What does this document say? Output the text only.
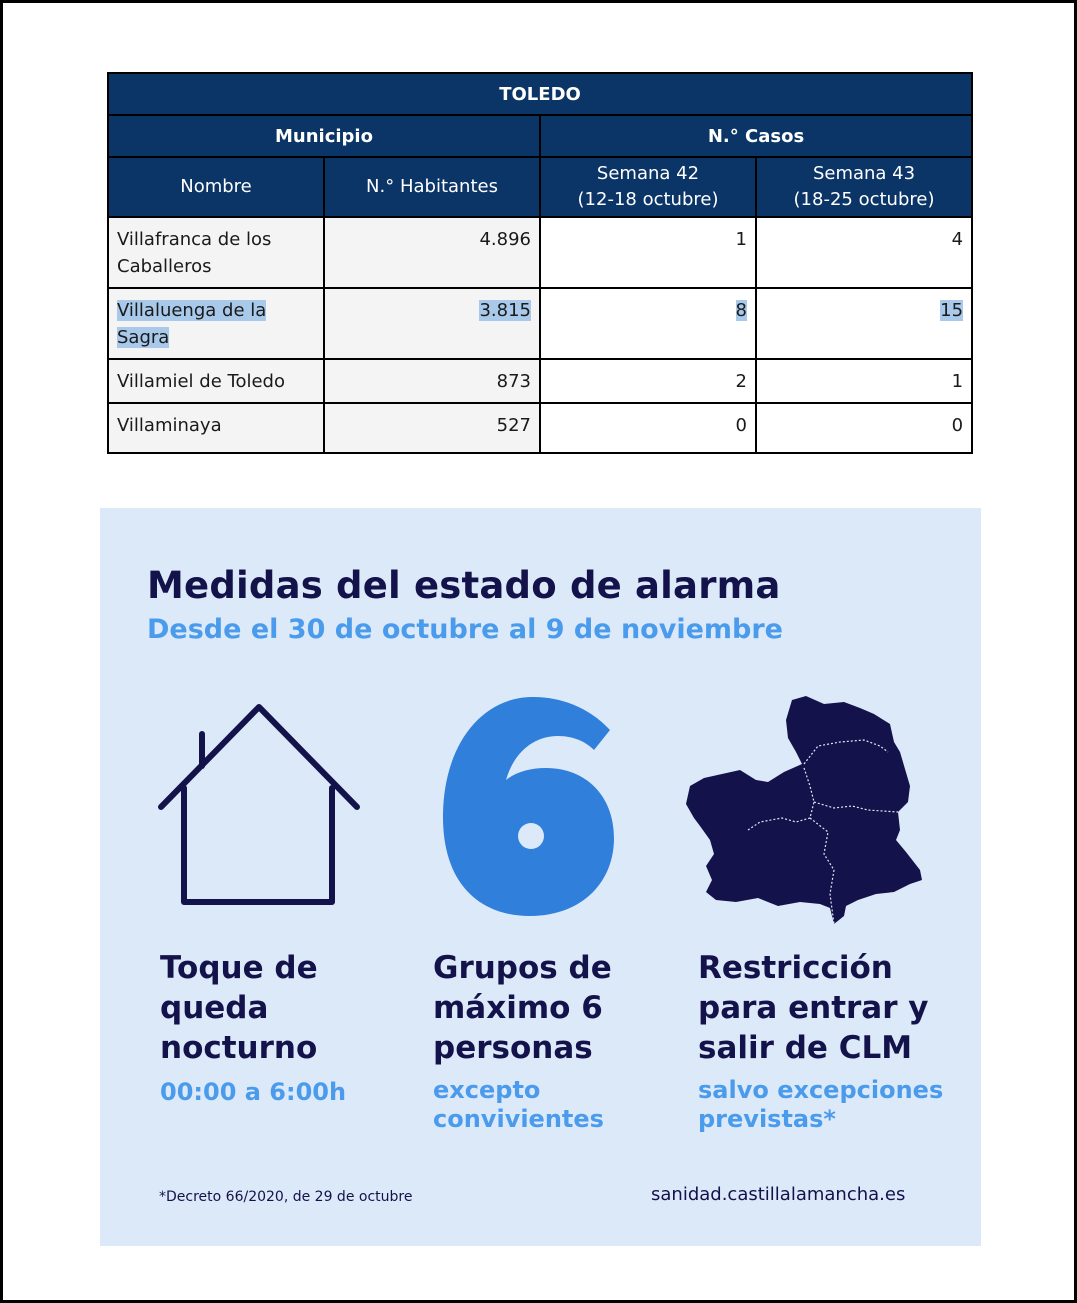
TOLEDO			
Municipio		N.° Casos	
Nombre	N.° Habitantes	Semana 42
(12-18 octubre)	Semana 43
(18-25 octubre)
Villafranca de los
Caballeros	4.896	1	4
Villaluenga de la
Sagra	3.815	8	15
Villamiel de Toledo	873	2	1
Villaminaya	527	0	0
Medidas del estado de alarma
Desde el 30 de octubre al 9 de noviembre
Toque de
queda
nocturno
00:00 a 6:00h
Grupos de
máximo 6
personas
excepto
convivientes
Restricción
para entrar y
salir de CLM
salvo excepciones
previstas*
*Decreto 66/2020, de 29 de octubre	sanidad.castillalamancha.es
